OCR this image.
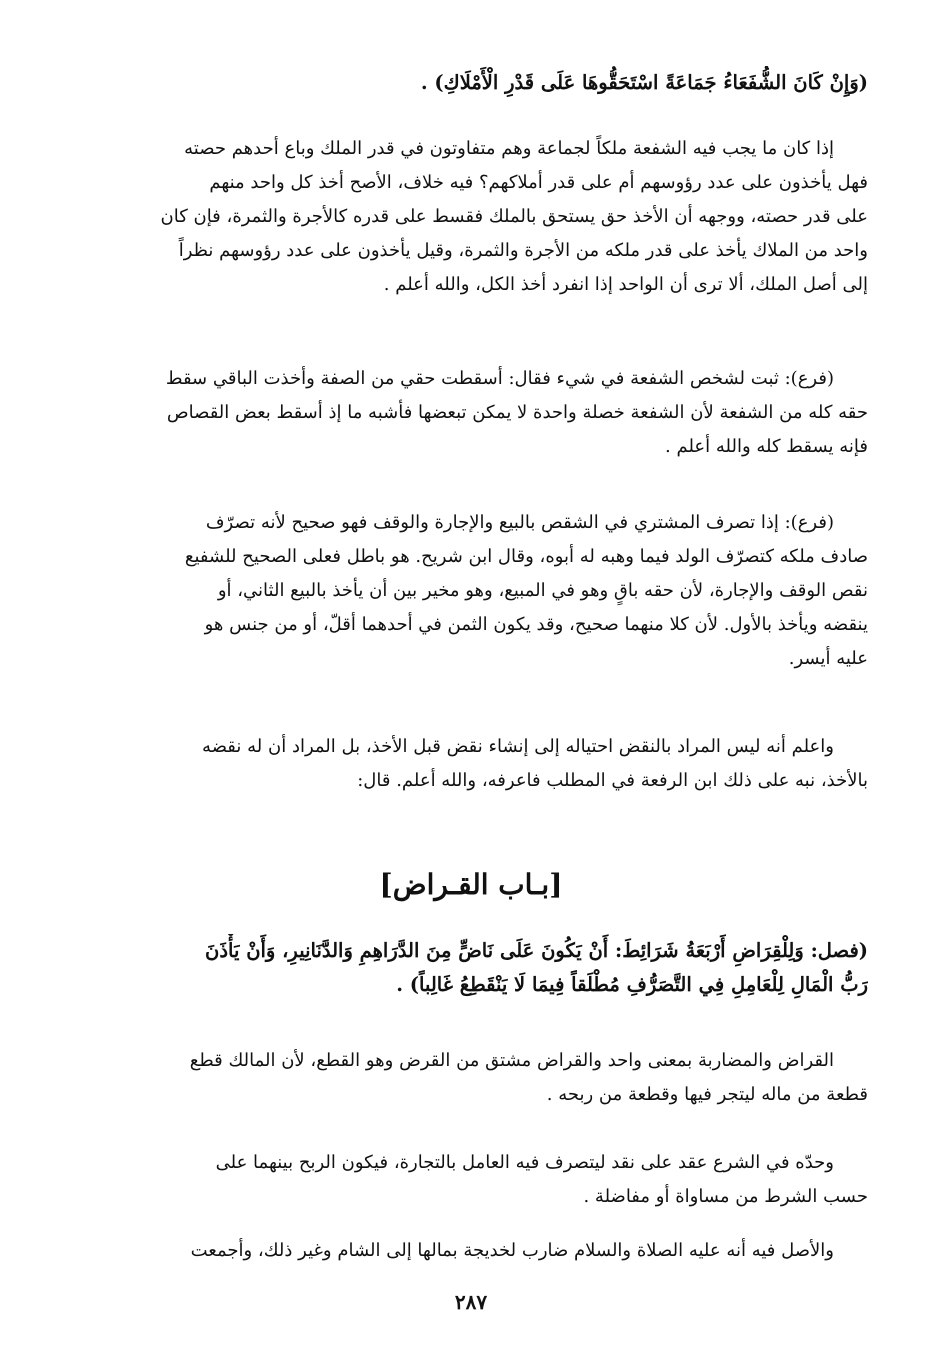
(وَإِنْ كَانَ الشُّفَعَاءُ جَمَاعَةً اسْتَحَقُّوهَا عَلَى قَدْرِ الْأَمْلَاكِ) .
إذا كان ما يجب فيه الشفعة ملكاً لجماعة وهم متفاوتون في قدر الملك وباع أحدهم حصته
فهل يأخذون على عدد رؤوسهم أم على قدر أملاكهم؟ فيه خلاف، الأصح أخذ كل واحد منهم
على قدر حصته، ووجهه أن الأخذ حق يستحق بالملك فقسط على قدره كالأجرة والثمرة، فإن كان
واحد من الملاك يأخذ على قدر ملكه من الأجرة والثمرة، وقيل يأخذون على عدد رؤوسهم نظراً
إلى أصل الملك، ألا ترى أن الواحد إذا انفرد أخذ الكل، والله أعلم .
(فرع): ثبت لشخص الشفعة في شيء فقال: أسقطت حقي من الصفة وأخذت الباقي سقط
حقه كله من الشفعة لأن الشفعة خصلة واحدة لا يمكن تبعضها فأشبه ما إذ أسقط بعض القصاص
فإنه يسقط كله والله أعلم .
(فرع): إذا تصرف المشتري في الشقص بالبيع والإجارة والوقف فهو صحيح لأنه تصرّف
صادف ملكه كتصرّف الولد فيما وهبه له أبوه، وقال ابن شريح. هو باطل فعلى الصحيح للشفيع
نقص الوقف والإجارة، لأن حقه باقٍ وهو في المبيع، وهو مخير بين أن يأخذ بالبيع الثاني، أو
ينقضه ويأخذ بالأول. لأن كلا منهما صحيح، وقد يكون الثمن في أحدهما أقلّ، أو من جنس هو
عليه أيسر.
واعلم أنه ليس المراد بالنقض احتياله إلى إنشاء نقض قبل الأخذ، بل المراد أن له نقضه
بالأخذ، نبه على ذلك ابن الرفعة في المطلب فاعرفه، والله أعلم. قال:
[بـاب القـراض]
(فصل: وَلِلْقِرَاضِ أَرْبَعَةُ شَرَائِطَ: أَنْ يَكُونَ عَلَى نَاضٍّ مِنَ الدَّرَاهِمِ وَالدَّنَانِيرِ، وَأَنْ يَأْذَنَ
رَبُّ الْمَالِ لِلْعَامِلِ فِي التَّصَرُّفِ مُطْلَقاً فِيمَا لَا يَنْقَطِعُ غَالِباً) .
القراض والمضاربة بمعنى واحد والقراض مشتق من القرض وهو القطع، لأن المالك قطع
قطعة من ماله ليتجر فيها وقطعة من ربحه .
وحدّه في الشرع عقد على نقد ليتصرف فيه العامل بالتجارة، فيكون الربح بينهما على
حسب الشرط من مساواة أو مفاضلة .
والأصل فيه أنه عليه الصلاة والسلام ضارب لخديجة بمالها إلى الشام وغير ذلك، وأجمعت
٢٨٧
